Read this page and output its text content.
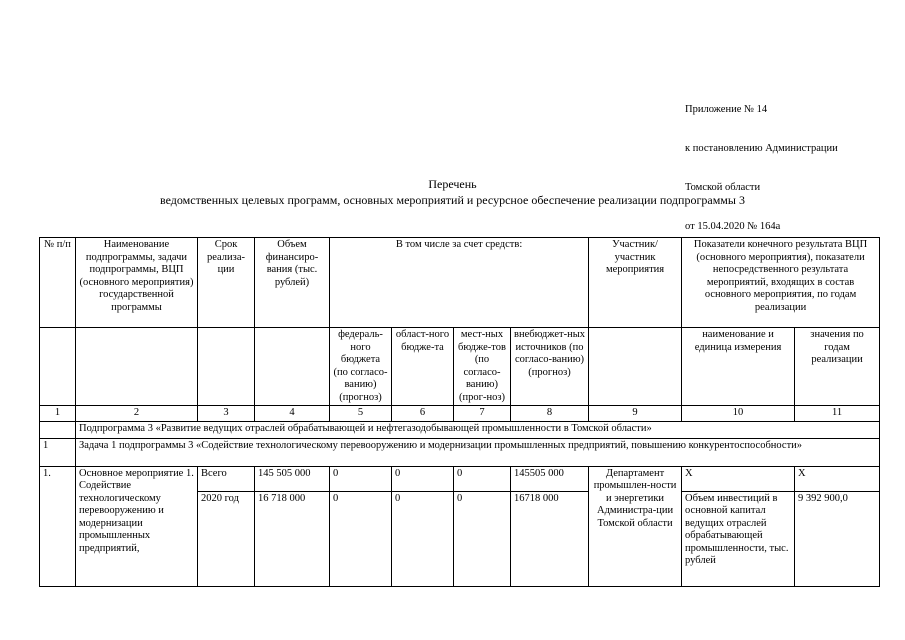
Приложение № 14

к постановлению Администрации

Томской области

от 15.04.2020 № 164а

Перечень
ведомственных целевых программ, основных мероприятий и ресурсное обеспечение реализации подпрограммы 3
№ п/п	Наименование подпрограммы, задачи подпрограммы, ВЦП (основного мероприятия) государственной программы	Срок реализа-ции	Объем финансиро-вания (тыс. рублей)	В том числе за счет средств:				Участник/ участник мероприятия	Показатели конечного результата ВЦП (основного мероприятия), показатели непосредственного результата мероприятий, входящих в состав основного мероприятия, по годам реализации	
				федераль-ного бюджета (по согласо-ванию) (прогноз)	област-ного бюдже-та	мест-ных бюдже-тов (по согласо-ванию) (прог-ноз)	внебюджет-ных источников (по согласо-ванию) (прогноз)		наименование и единица измерения	значения по годам реализации

1	2	3	4	5	6	7	8	9	10	11
	Подпрограмма 3 «Развитие ведущих отраслей обрабатывающей и нефтегазодобывающей промышленности в Томской области»									
1	Задача 1 подпрограммы 3 «Содействие технологическому перевооружению и модернизации промышленных предприятий, повышению конкурентоспособности»									
1.	Основное мероприятие 1. Содействие технологическому перевооружению и модернизации промышленных предприятий,	Всего	145 505 000	0	0	0	145505 000	Департамент промышлен-ности и энергетики Администра-ции Томской области	Х	Х
		2020 год	16 718 000	0	0	0	16718 000		Объем инвестиций в основной капитал ведущих отраслей обрабатывающей промышленности, тыс. рублей	9 392 900,0
